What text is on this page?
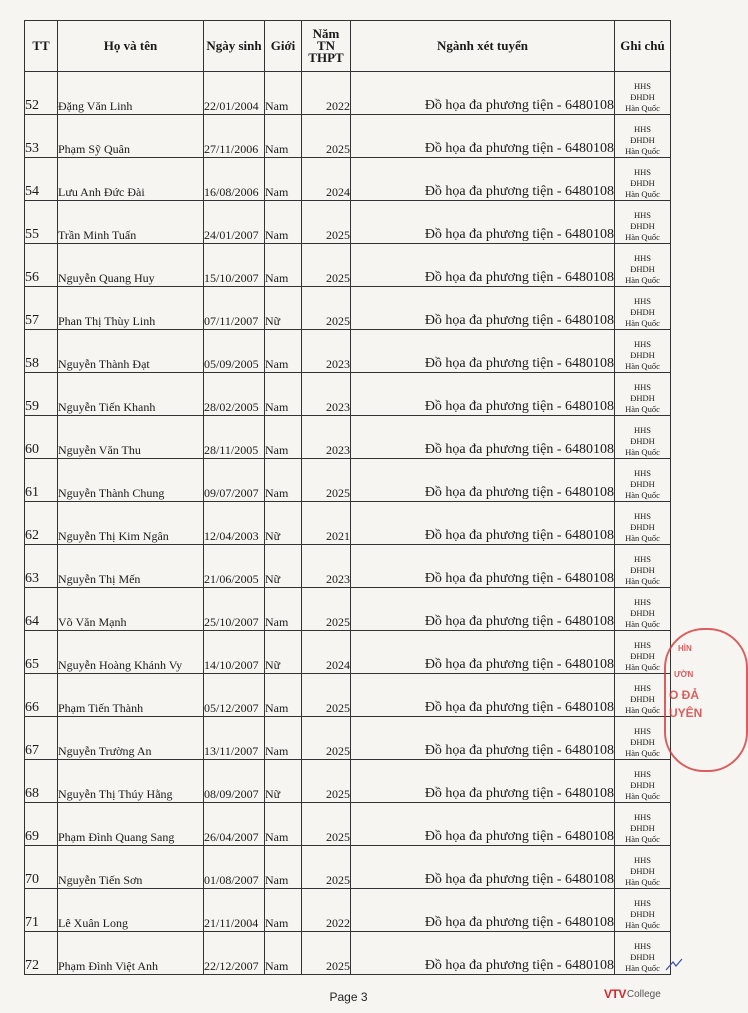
TT	Họ và tên	Ngày sinh	Giới	Năm
TN
THPT	Ngành xét tuyển	Ghi chú
52	Đặng Văn Linh	22/01/2004	Nam	2022	Đồ họa đa phương tiện - 6480108	HHS
ĐHDH
Hàn Quốc

53	Phạm Sỹ Quân	27/11/2006	Nam	2025	Đồ họa đa phương tiện - 6480108	HHS
ĐHDH
Hàn Quốc

54	Lưu Anh Đức Đài	16/08/2006	Nam	2024	Đồ họa đa phương tiện - 6480108	HHS
ĐHDH
Hàn Quốc

55	Trần Minh Tuấn	24/01/2007	Nam	2025	Đồ họa đa phương tiện - 6480108	HHS
ĐHDH
Hàn Quốc

56	Nguyễn Quang Huy	15/10/2007	Nam	2025	Đồ họa đa phương tiện - 6480108	HHS
ĐHDH
Hàn Quốc

57	Phan Thị Thùy Linh	07/11/2007	Nữ	2025	Đồ họa đa phương tiện - 6480108	HHS
ĐHDH
Hàn Quốc

58	Nguyễn Thành Đạt	05/09/2005	Nam	2023	Đồ họa đa phương tiện - 6480108	HHS
ĐHDH
Hàn Quốc

59	Nguyễn Tiến Khanh	28/02/2005	Nam	2023	Đồ họa đa phương tiện - 6480108	HHS
ĐHDH
Hàn Quốc

60	Nguyễn Văn Thu	28/11/2005	Nam	2023	Đồ họa đa phương tiện - 6480108	HHS
ĐHDH
Hàn Quốc

61	Nguyễn Thành Chung	09/07/2007	Nam	2025	Đồ họa đa phương tiện - 6480108	HHS
ĐHDH
Hàn Quốc

62	Nguyễn Thị Kim Ngân	12/04/2003	Nữ	2021	Đồ họa đa phương tiện - 6480108	HHS
ĐHDH
Hàn Quốc

63	Nguyễn Thị Mến	21/06/2005	Nữ	2023	Đồ họa đa phương tiện - 6480108	HHS
ĐHDH
Hàn Quốc

64	Võ Văn Mạnh	25/10/2007	Nam	2025	Đồ họa đa phương tiện - 6480108	HHS
ĐHDH
Hàn Quốc

65	Nguyễn Hoàng Khánh Vy	14/10/2007	Nữ	2024	Đồ họa đa phương tiện - 6480108	HHS
ĐHDH
Hàn Quốc

66	Phạm Tiến Thành	05/12/2007	Nam	2025	Đồ họa đa phương tiện - 6480108	HHS
ĐHDH
Hàn Quốc

67	Nguyễn Trường An	13/11/2007	Nam	2025	Đồ họa đa phương tiện - 6480108	HHS
ĐHDH
Hàn Quốc

68	Nguyễn Thị Thúy Hằng	08/09/2007	Nữ	2025	Đồ họa đa phương tiện - 6480108	HHS
ĐHDH
Hàn Quốc

69	Phạm Đình Quang Sang	26/04/2007	Nam	2025	Đồ họa đa phương tiện - 6480108	HHS
ĐHDH
Hàn Quốc

70	Nguyễn Tiến Sơn	01/08/2007	Nam	2025	Đồ họa đa phương tiện - 6480108	HHS
ĐHDH
Hàn Quốc

71	Lê Xuân Long	21/11/2004	Nam	2022	Đồ họa đa phương tiện - 6480108	HHS
ĐHDH
Hàn Quốc

72	Phạm Đình Việt Anh	22/12/2007	Nam	2025	Đồ họa đa phương tiện - 6480108	HHS
ĐHDH
Hàn Quốc
HÌN
ƯỜN
O ĐẢ
UYÊN
Page 3	VTV College
